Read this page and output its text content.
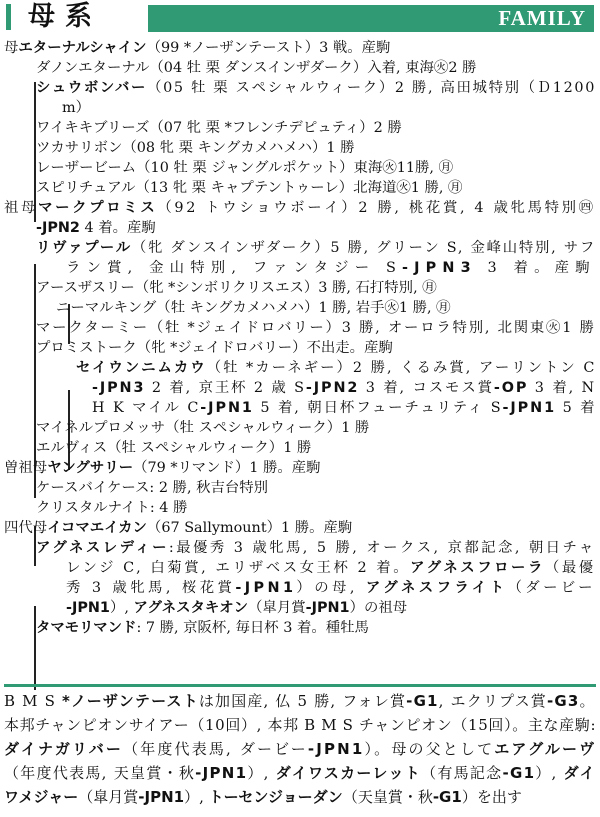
母系	FAMILY
母エターナルシャイン（99 *ノーザンテースト）3 戦。産駒
ダノンエターナル（04 牡 栗 ダンスインザダーク）入着, 東海㊋2 勝
シュウボンバー（05 牡 栗 スペシャルウィーク）2 勝, 高田城特別（Ｄ1200
m）
ワイキキブリーズ（07 牝 栗 *フレンチデピュティ）2 勝
ツカサリボン（08 牝 栗 キングカメハメハ）1 勝
レーザービーム（10 牡 栗 ジャングルポケット）東海㊋11勝, ㊊
スピリチュアル（13 牝 栗 キャプテントゥーレ）北海道㊋1 勝, ㊊
祖母マークプロミス（92 トウショウボーイ）2 勝, 桃花賞, 4 歳牝馬特別㊃
-JPN2 4 着。産駒
リヴァプール（牝 ダンスインザダーク）5 勝, グリーン S, 金峰山特別, サフ
ラン賞, 金山特別, ファンタジー S-JPN3 3 着。産駒
アースザスリー（牝 *シンボリクリスエス）3 勝, 石打特別, ㊊
ニーマルキング（牡 キングカメハメハ）1 勝, 岩手㊋1 勝, ㊊
マークターミー（牡 *ジェイドロバリー）3 勝, オーロラ特別, 北関東㊋1 勝
プロミストーク（牝 *ジェイドロバリー）不出走。産駒
セイウンニムカウ（牡 *カーネギー）2 勝, くるみ賞, アーリントン C
-JPN3 2 着, 京王杯 2 歳 S-JPN2 3 着, コスモス賞-OP 3 着, N
H K マイル C-JPN1 5 着, 朝日杯フューチュリティ S-JPN1 5 着
マイネルプロメッサ（牡 スペシャルウィーク）1 勝
エルヴィス（牡 スペシャルウィーク）1 勝
曽祖母ヤングサリー（79 *リマンド）1 勝。産駒
ケースバイケース: 2 勝, 秋吉台特別
クリスタルナイト: 4 勝
四代母イコマエイカン（67 Sallymount）1 勝。産駒
アグネスレディー:最優秀 3 歳牝馬, 5 勝, オークス, 京都記念, 朝日チャ
レンジ C, 白菊賞, エリザベス女王杯 2 着。アグネスフローラ（最優
秀 3 歳牝馬, 桜花賞-JPN1）の母, アグネスフライト（ダービー
-JPN1）, アグネスタキオン（皐月賞-JPN1）の祖母
タマモリマンド: 7 勝, 京阪杯, 毎日杯 3 着。種牡馬
B M S *ノーザンテーストは加国産, 仏 5 勝, フォレ賞-G1, エクリプス賞-G3。
本邦チャンピオンサイアー（10回）, 本邦 B M S チャンピオン（15回）。主な産駒:
ダイナガリバー（年度代表馬, ダービー-JPN1）。母の父としてエアグルーヴ
（年度代表馬, 天皇賞・秋-JPN1）, ダイワスカーレット（有馬記念-G1）, ダイ
ワメジャー（皐月賞-JPN1）, トーセンジョーダン（天皇賞・秋-G1）を出す
